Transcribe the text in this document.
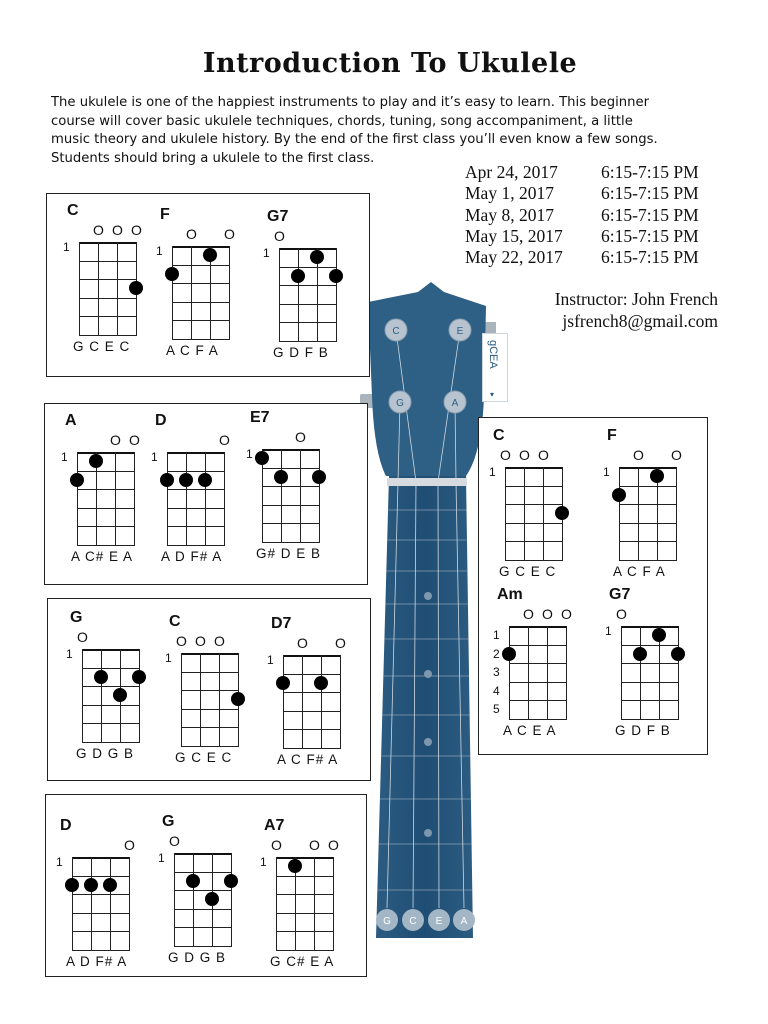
Introduction To Ukulele
The ukulele is one of the happiest instruments to play and it’s easy to learn. This beginner
course will cover basic ukulele techniques, chords, tuning, song accompaniment, a little
music theory and ukulele history. By the end of the first class you’ll even know a few songs.
Students should bring a ukulele to the first class.
Apr 24, 2017	6:15-7:15 PM
May 1, 2017	6:15-7:15 PM
May 8, 2017	6:15-7:15 PM
May 15, 2017	6:15-7:15 PM
May 22, 2017	6:15-7:15 PM
Instructor: John French
jsfrench8@gmail.com
C	E
G	A
G C E A
gCEA
▾
C
O O O
1
G C E C
F
O O
1
A C F A
G7
O
1
G D F B
A
O O
1
A C# E A
D
O
1
A D F# A
E7
O
1
G# D E B
G
O
1
G D G B
C
O O O
1
G C E C
D7
O O
1
A C F# A
D
O
1
A D F# A
G
O
1
G D G B
A7
O O O
1
G C# E A
C
O O O
1
G C E C
F
O O
1
A C F A
Am
O O O
1
2
3
4
5
A C E A
G7
O
1
G D F B
